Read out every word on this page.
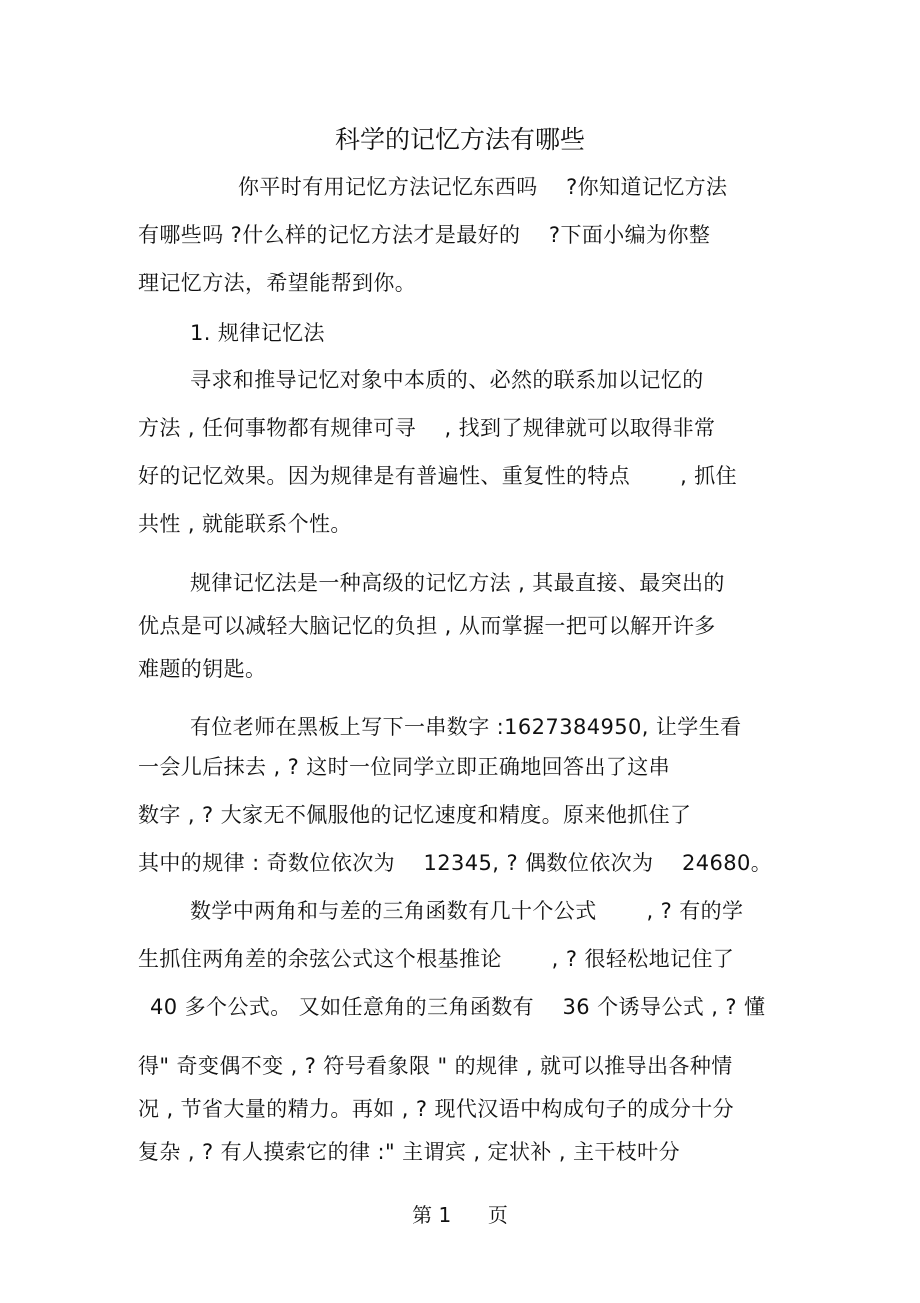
科学的记忆方法有哪些
你平时有用记忆方法记忆东西吗　 ?你知道记忆方法
有哪些吗 ?什么样的记忆方法才是最好的　 ?下面小编为你整
理记忆方法，希望能帮到你。
1. 规律记忆法
寻求和推导记忆对象中本质的、必然的联系加以记忆的
方法 , 任何事物都有规律可寻　 , 找到了规律就可以取得非常
好的记忆效果。因为规律是有普遍性、重复性的特点　　 , 抓住
共性 , 就能联系个性。
规律记忆法是一种高级的记忆方法 , 其最直接、最突出的
优点是可以减轻大脑记忆的负担 , 从而掌握一把可以解开许多
难题的钥匙。
有位老师在黑板上写下一串数字 :1627384950, 让学生看
一会儿后抹去 , ? 这时一位同学立即正确地回答出了这串
数字 , ? 大家无不佩服他的记忆速度和精度。原来他抓住了
其中的规律 : 奇数位依次为　 12345, ? 偶数位依次为　 24680。
数学中两角和与差的三角函数有几十个公式　　 , ? 有的学
生抓住两角差的余弦公式这个根基推论　　 , ? 很轻松地记住了
40 多个公式。 又如任意角的三角函数有　 36 个诱导公式 , ? 懂
得" 奇变偶不变 , ? 符号看象限 " 的规律 , 就可以推导出各种情
况 , 节省大量的精力。再如 , ? 现代汉语中构成句子的成分十分
复杂 , ? 有人摸索它的律 :" 主谓宾 , 定状补 , 主干枝叶分
第 1 页
